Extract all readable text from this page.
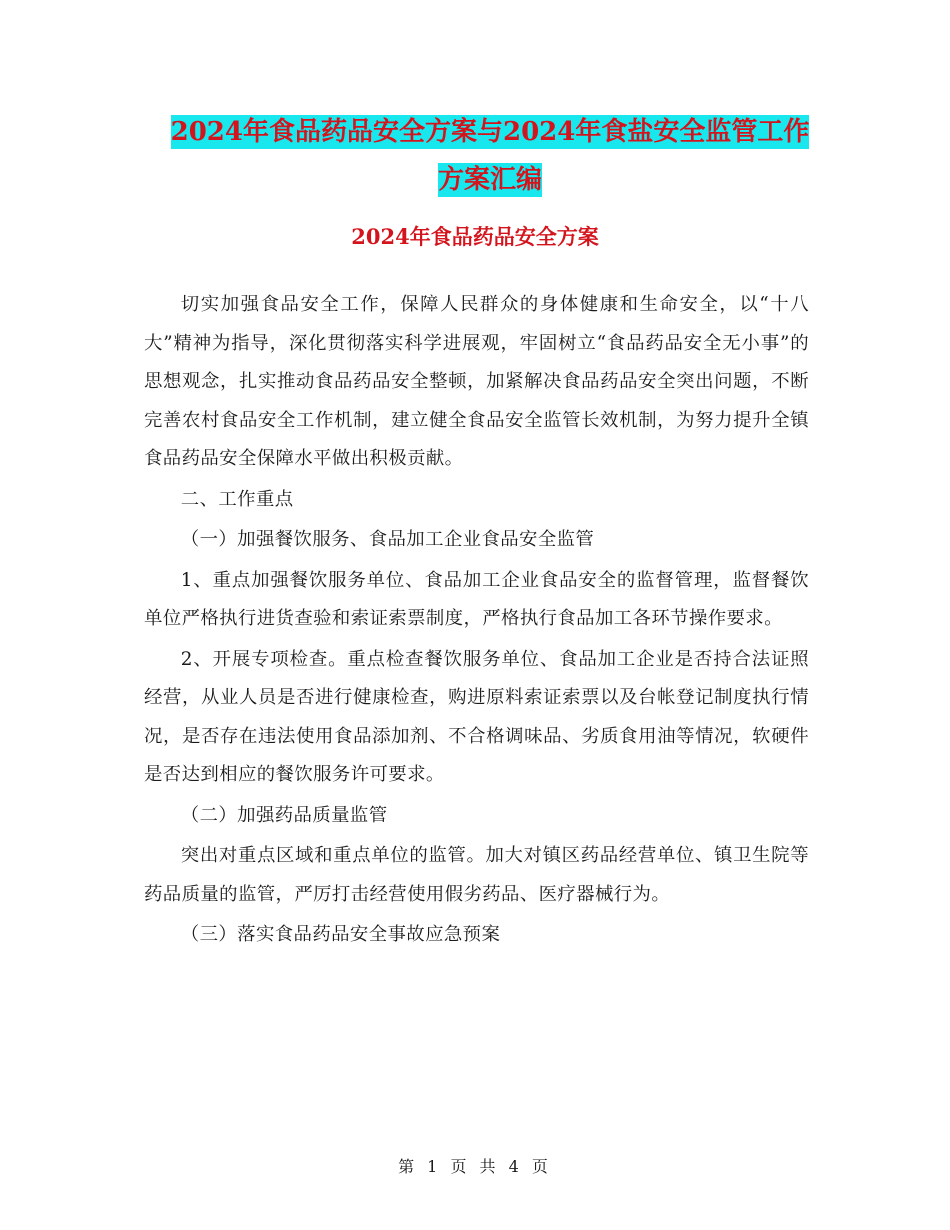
2024年食品药品安全方案与2024年食盐安全监管工作
方案汇编
2024年食品药品安全方案

切实加强食品安全工作，保障人民群众的身体健康和生命安全，以“十八大”精神为指导，深化贯彻落实科学进展观，牢固树立“食品药品安全无小事”的思想观念，扎实推动食品药品安全整顿，加紧解决食品药品安全突出问题，不断完善农村食品安全工作机制，建立健全食品安全监管长效机制，为努力提升全镇食品药品安全保障水平做出积极贡献。

二、工作重点

（一）加强餐饮服务、食品加工企业食品安全监管

1、重点加强餐饮服务单位、食品加工企业食品安全的监督管理，监督餐饮单位严格执行进货查验和索证索票制度，严格执行食品加工各环节操作要求。

2、开展专项检查。重点检查餐饮服务单位、食品加工企业是否持合法证照经营，从业人员是否进行健康检查，购进原料索证索票以及台帐登记制度执行情况，是否存在违法使用食品添加剂、不合格调味品、劣质食用油等情况，软硬件是否达到相应的餐饮服务许可要求。

（二）加强药品质量监管

突出对重点区域和重点单位的监管。加大对镇区药品经营单位、镇卫生院等药品质量的监管，严厉打击经营使用假劣药品、医疗器械行为。

（三）落实食品药品安全事故应急预案

第 1 页 共 4 页
